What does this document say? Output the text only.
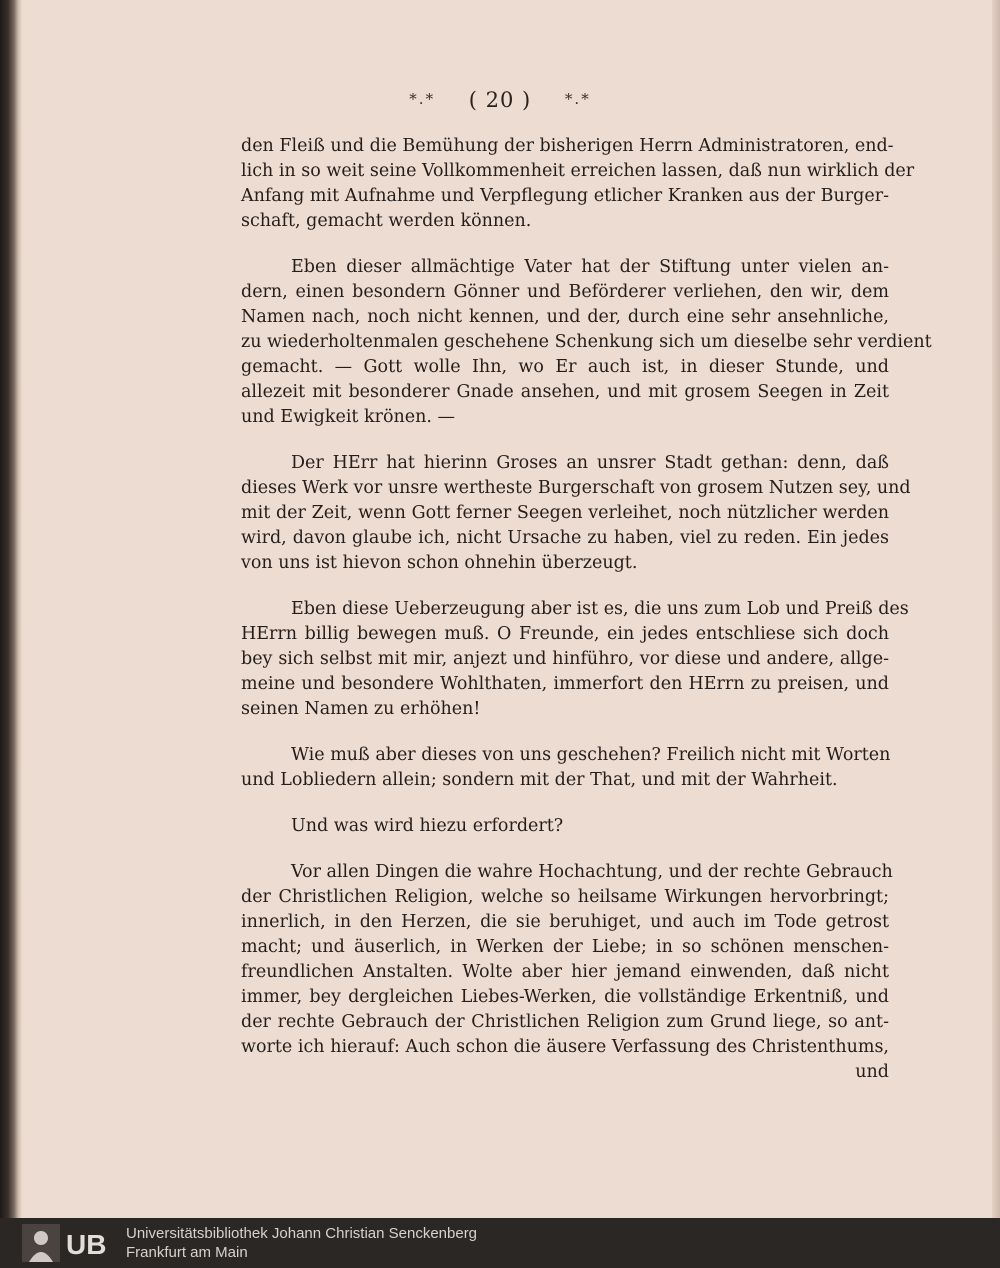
*.* ( 20 ) *.*
den Fleiß und die Bemühung der bisherigen Herrn Administratoren, end-
lich in so weit seine Vollkommenheit erreichen lassen, daß nun wirklich der
Anfang mit Aufnahme und Verpflegung etlicher Kranken aus der Burger-
schaft, gemacht werden können.
Eben dieser allmächtige Vater hat der Stiftung unter vielen an-
dern, einen besondern Gönner und Beförderer verliehen, den wir, dem
Namen nach, noch nicht kennen, und der, durch eine sehr ansehnliche,
zu wiederholtenmalen geschehene Schenkung sich um dieselbe sehr verdient
gemacht. — Gott wolle Ihn, wo Er auch ist, in dieser Stunde, und
allezeit mit besonderer Gnade ansehen, und mit grosem Seegen in Zeit
und Ewigkeit krönen. —
Der HErr hat hierinn Groses an unsrer Stadt gethan: denn, daß
dieses Werk vor unsre wertheste Burgerschaft von grosem Nutzen sey, und
mit der Zeit, wenn Gott ferner Seegen verleihet, noch nützlicher werden
wird, davon glaube ich, nicht Ursache zu haben, viel zu reden. Ein jedes
von uns ist hievon schon ohnehin überzeugt.
Eben diese Ueberzeugung aber ist es, die uns zum Lob und Preiß des
HErrn billig bewegen muß. O Freunde, ein jedes entschliese sich doch
bey sich selbst mit mir, anjezt und hinführo, vor diese und andere, allge-
meine und besondere Wohlthaten, immerfort den HErrn zu preisen, und
seinen Namen zu erhöhen!
Wie muß aber dieses von uns geschehen? Freilich nicht mit Worten
und Lobliedern allein; sondern mit der That, und mit der Wahrheit.
Und was wird hiezu erfordert?
Vor allen Dingen die wahre Hochachtung, und der rechte Gebrauch
der Christlichen Religion, welche so heilsame Wirkungen hervorbringt;
innerlich, in den Herzen, die sie beruhiget, und auch im Tode getrost
macht; und äuserlich, in Werken der Liebe; in so schönen menschen-
freundlichen Anstalten. Wolte aber hier jemand einwenden, daß nicht
immer, bey dergleichen Liebes-Werken, die vollständige Erkentniß, und
der rechte Gebrauch der Christlichen Religion zum Grund liege, so ant-
worte ich hierauf: Auch schon die äusere Verfassung des Christenthums,
und
UB Universitätsbibliothek Johann Christian Senckenberg
Frankfurt am Main
